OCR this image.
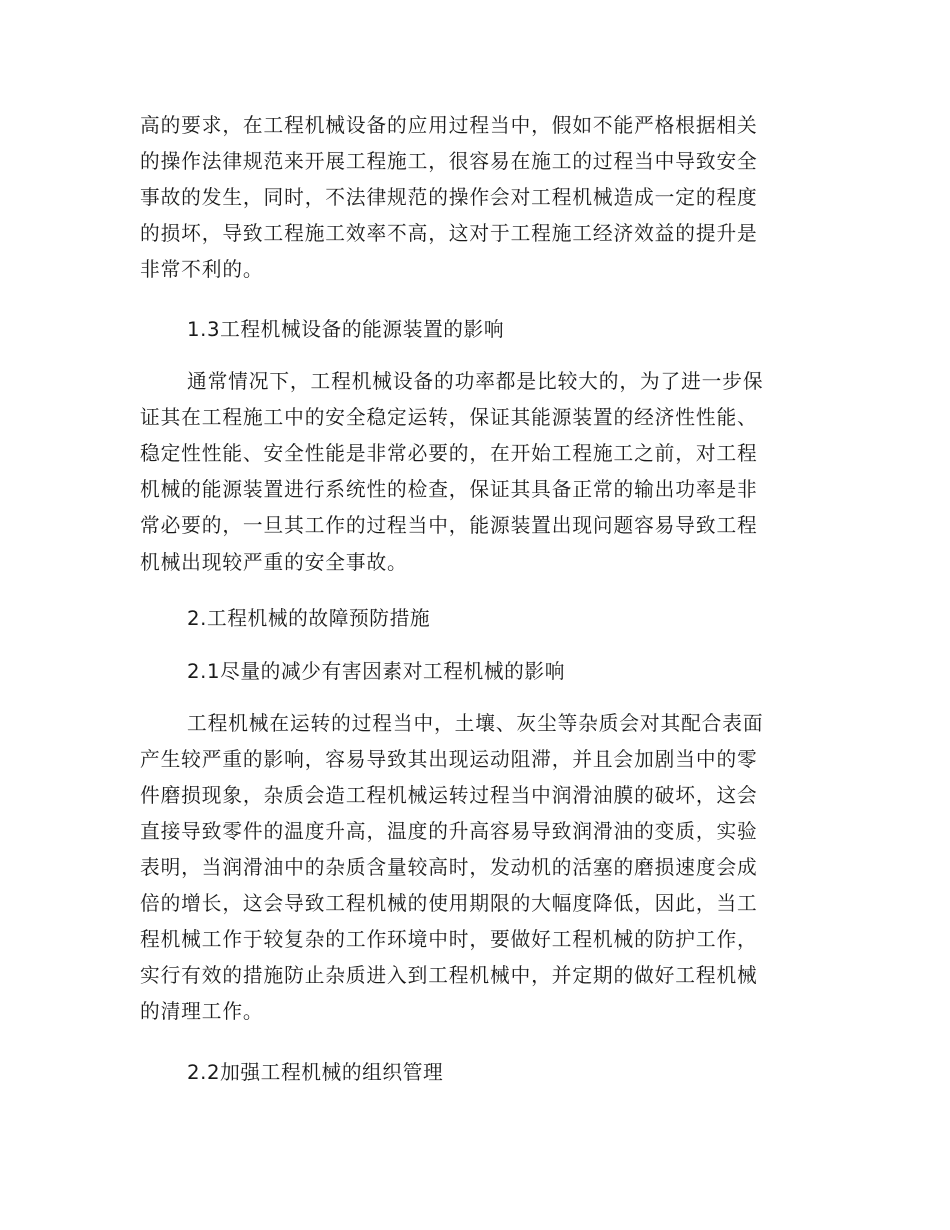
高的要求，在工程机械设备的应用过程当中，假如不能严格根据相关

的操作法律规范来开展工程施工，很容易在施工的过程当中导致安全

事故的发生，同时，不法律规范的操作会对工程机械造成一定的程度

的损坏，导致工程施工效率不高，这对于工程施工经济效益的提升是

非常不利的。

1.3工程机械设备的能源装置的影响

通常情况下，工程机械设备的功率都是比较大的，为了进一步保

证其在工程施工中的安全稳定运转，保证其能源装置的经济性性能、

稳定性性能、安全性能是非常必要的，在开始工程施工之前，对工程

机械的能源装置进行系统性的检查，保证其具备正常的输出功率是非

常必要的，一旦其工作的过程当中，能源装置出现问题容易导致工程

机械出现较严重的安全事故。

2.工程机械的故障预防措施

2.1尽量的减少有害因素对工程机械的影响

工程机械在运转的过程当中，土壤、灰尘等杂质会对其配合表面

产生较严重的影响，容易导致其出现运动阻滞，并且会加剧当中的零

件磨损现象，杂质会造工程机械运转过程当中润滑油膜的破坏，这会

直接导致零件的温度升高，温度的升高容易导致润滑油的变质，实验

表明，当润滑油中的杂质含量较高时，发动机的活塞的磨损速度会成

倍的增长，这会导致工程机械的使用期限的大幅度降低，因此，当工

程机械工作于较复杂的工作环境中时，要做好工程机械的防护工作，

实行有效的措施防止杂质进入到工程机械中，并定期的做好工程机械

的清理工作。

2.2加强工程机械的组织管理
